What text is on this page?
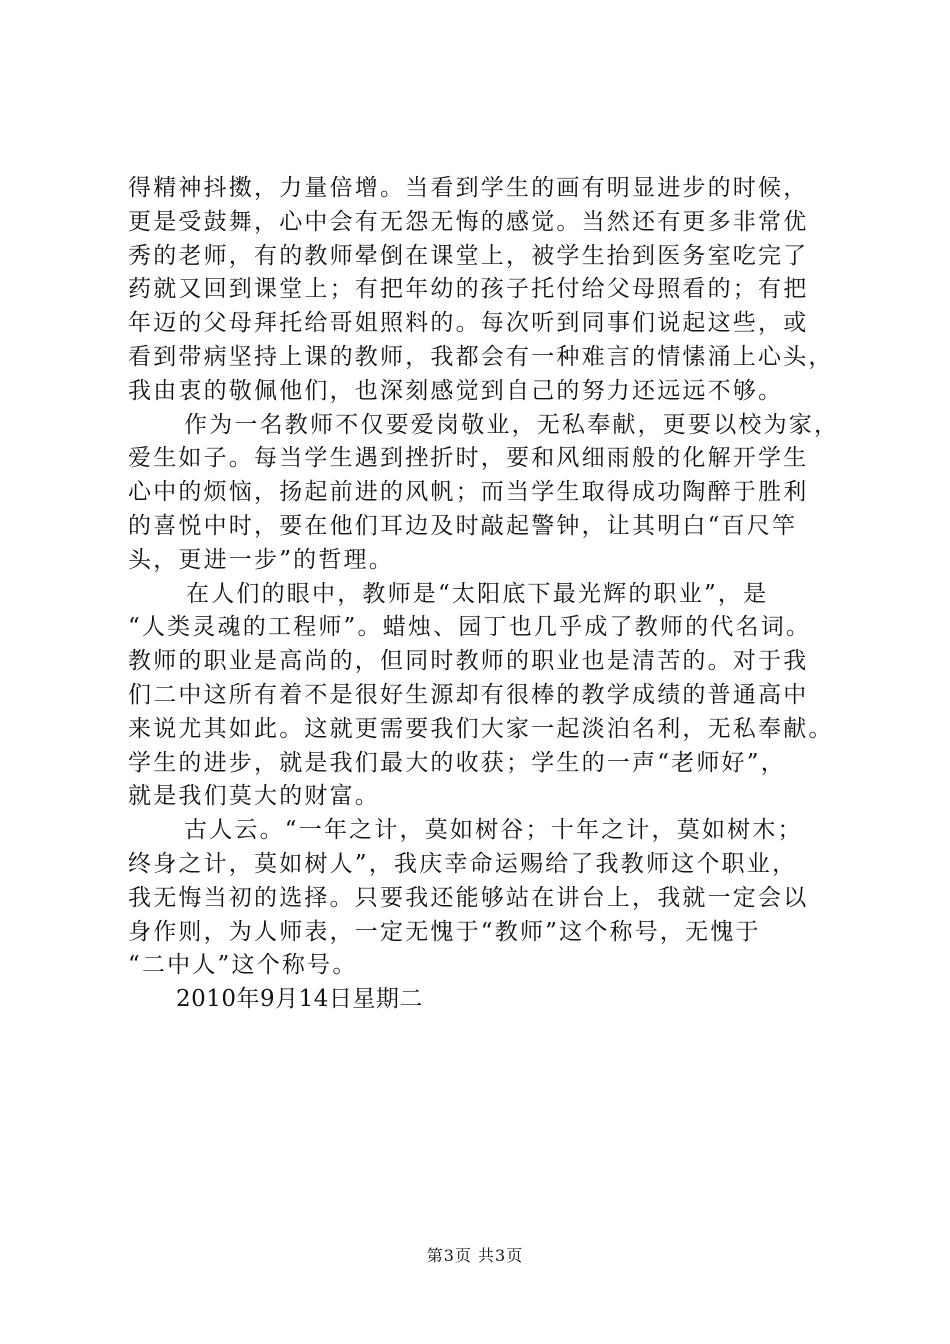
得精神抖擞，力量倍增。当看到学生的画有明显进步的时候，
更是受鼓舞，心中会有无怨无悔的感觉。当然还有更多非常优
秀的老师，有的教师晕倒在课堂上，被学生抬到医务室吃完了
药就又回到课堂上；有把年幼的孩子托付给父母照看的；有把
年迈的父母拜托给哥姐照料的。每次听到同事们说起这些，或
看到带病坚持上课的教师，我都会有一种难言的情愫涌上心头，
我由衷的敬佩他们，也深刻感觉到自己的努力还远远不够。
作为一名教师不仅要爱岗敬业，无私奉献，更要以校为家，
爱生如子。每当学生遇到挫折时，要和风细雨般的化解开学生
心中的烦恼，扬起前进的风帆；而当学生取得成功陶醉于胜利
的喜悦中时，要在他们耳边及时敲起警钟，让其明白“百尺竿
头，更进一步”的哲理。
在人们的眼中，教师是“太阳底下最光辉的职业”，是
“人类灵魂的工程师”。蜡烛、园丁也几乎成了教师的代名词。
教师的职业是高尚的，但同时教师的职业也是清苦的。对于我
们二中这所有着不是很好生源却有很棒的教学成绩的普通高中
来说尤其如此。这就更需要我们大家一起淡泊名利，无私奉献。
学生的进步，就是我们最大的收获；学生的一声“老师好”，
就是我们莫大的财富。
古人云。“一年之计，莫如树谷；十年之计，莫如树木；
终身之计，莫如树人”，我庆幸命运赐给了我教师这个职业，
我无悔当初的选择。只要我还能够站在讲台上，我就一定会以
身作则，为人师表，一定无愧于“教师”这个称号，无愧于
“二中人”这个称号。
2010年9月14日星期二
第3页 共3页
